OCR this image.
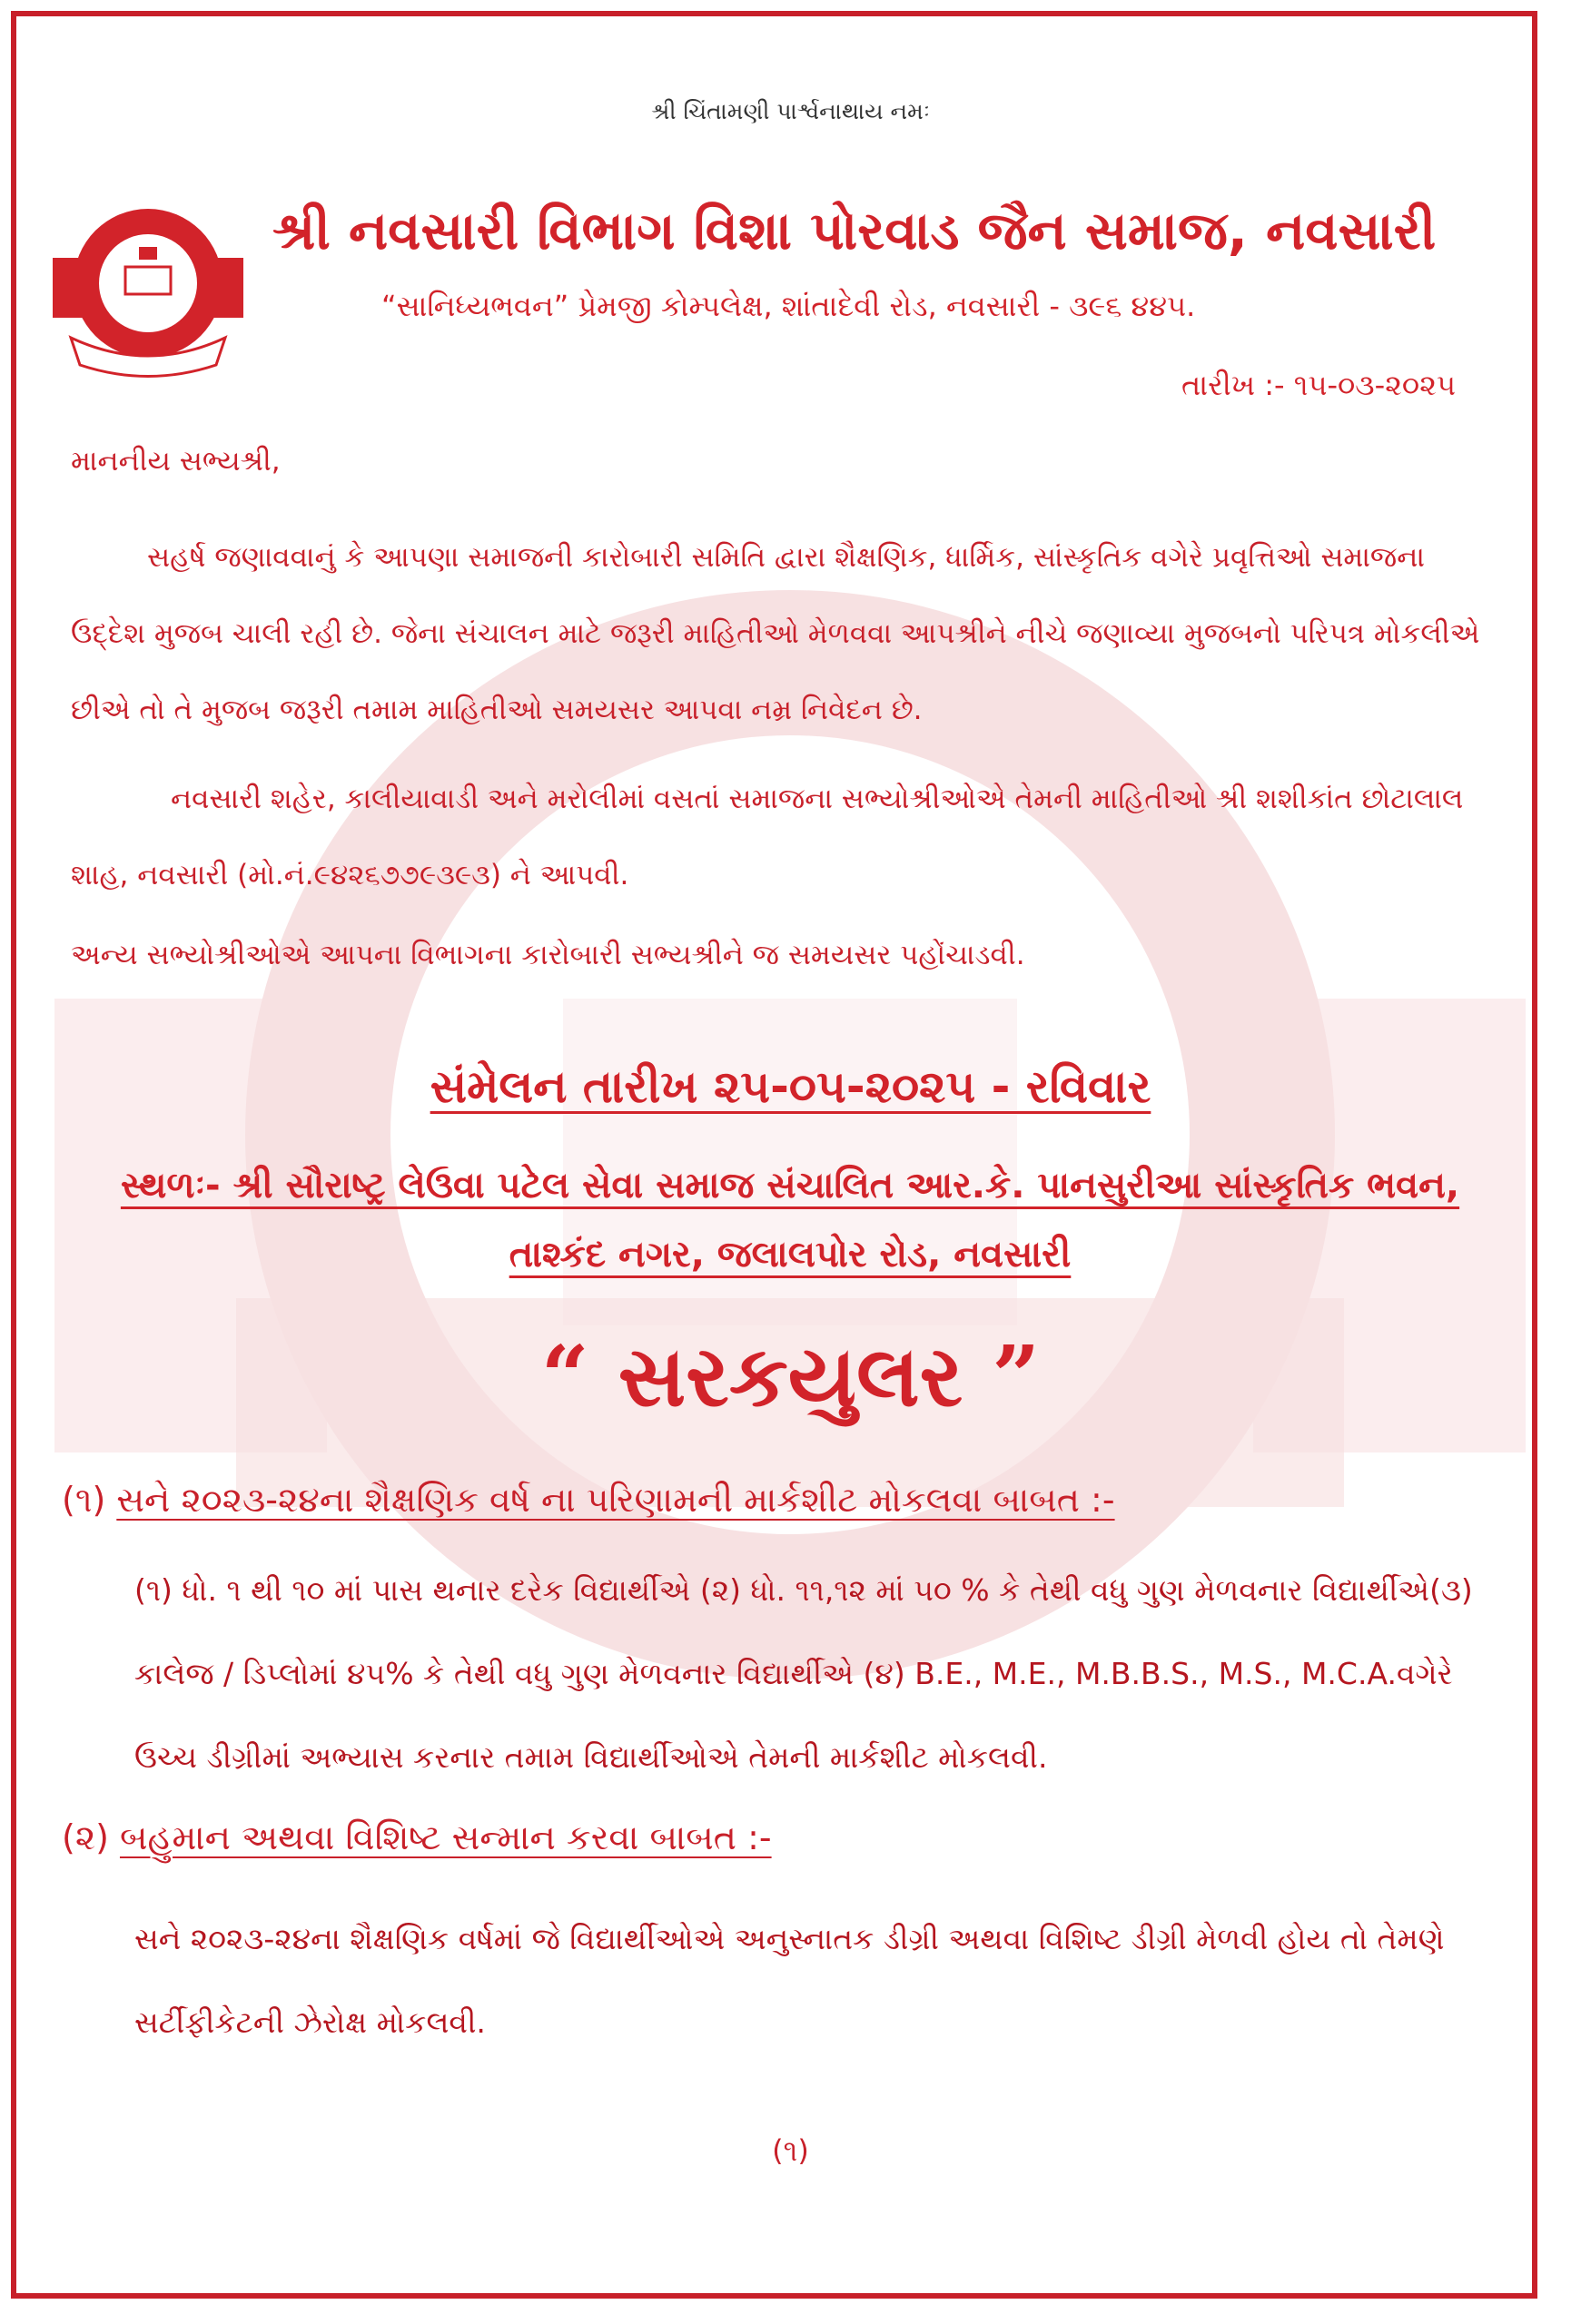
શ્રી ચિંતામણી પાર્શ્વનાથાય નમઃ
શ્રી નવસારી વિભાગ વિશા પોરવાડ જૈન સમાજ, નવસારી
“સાનિધ્યભવન” પ્રેમજી કોમ્પલેક્ષ, શાંતાદેવી રોડ, નવસારી - ૩૯૬ ૪૪૫.
તારીખ :- ૧૫-૦૩-૨૦૨૫
માનનીય સભ્યશ્રી,
સહર્ષ જણાવવાનું કે આપણા સમાજની કારોબારી સમિતિ દ્વારા શૈક્ષણિક, ધાર્મિક, સાંસ્કૃતિક વગેરે પ્રવૃત્તિઓ સમાજના ઉદ્દેશ મુજબ ચાલી રહી છે. જેના સંચાલન માટે જરૂરી માહિતીઓ મેળવવા આપશ્રીને નીચે જણાવ્યા મુજબનો પરિપત્ર મોકલીએ છીએ તો તે મુજબ જરૂરી તમામ માહિતીઓ સમયસર આપવા નમ્ર નિવેદન છે.
નવસારી શહેર, કાલીયાવાડી અને મરોલીમાં વસતાં સમાજના સભ્યોશ્રીઓએ તેમની માહિતીઓ શ્રી શશીકાંત છોટાલાલ શાહ, નવસારી (મો.નં.૯૪૨૬૭૭૯૩૯૩) ને આપવી.
અન્ય સભ્યોશ્રીઓએ આપના વિભાગના કારોબારી સભ્યશ્રીને જ સમયસર પહોંચાડવી.
સંમેલન તારીખ ૨૫-૦૫-૨૦૨૫ - રવિવાર
સ્થળઃ- શ્રી સૌરાષ્ટ્ર લેઉવા પટેલ સેવા સમાજ સંચાલિત આર.કે. પાનસુરીઆ સાંસ્કૃતિક ભવન, તાશ્કંદ નગર, જલાલપોર રોડ, નવસારી
“ સરકયુલર ”
(૧) સને ૨૦૨૩-૨૪ના શૈક્ષણિક વર્ષ ના પરિણામની માર્કશીટ મોકલવા બાબત :-
(૧) ધો. ૧ થી ૧૦ માં પાસ થનાર દરેક વિદ્યાર્થીએ (૨) ધો. ૧૧,૧૨ માં ૫૦ % કે તેથી વધુ ગુણ મેળવનાર વિદ્યાર્થીએ(૩) કાલેજ / ડિપ્લોમાં ૪૫% કે તેથી વધુ ગુણ મેળવનાર વિદ્યાર્થીએ (૪) B.E., M.E., M.B.B.S., M.S., M.C.A.વગેરે ઉચ્ચ ડીગ્રીમાં અભ્યાસ કરનાર તમામ વિદ્યાર્થીઓએ તેમની માર્કશીટ મોકલવી.
(૨) બહુમાન અથવા વિશિષ્ટ સન્માન કરવા બાબત :-
સને ૨૦૨૩-૨૪ના શૈક્ષણિક વર્ષમાં જે વિદ્યાર્થીઓએ અનુસ્નાતક ડીગ્રી અથવા વિશિષ્ટ ડીગ્રી મેળવી હોય તો તેમણે સર્ટીફીકેટની ઝેરોક્ષ મોકલવી.
(૧)
